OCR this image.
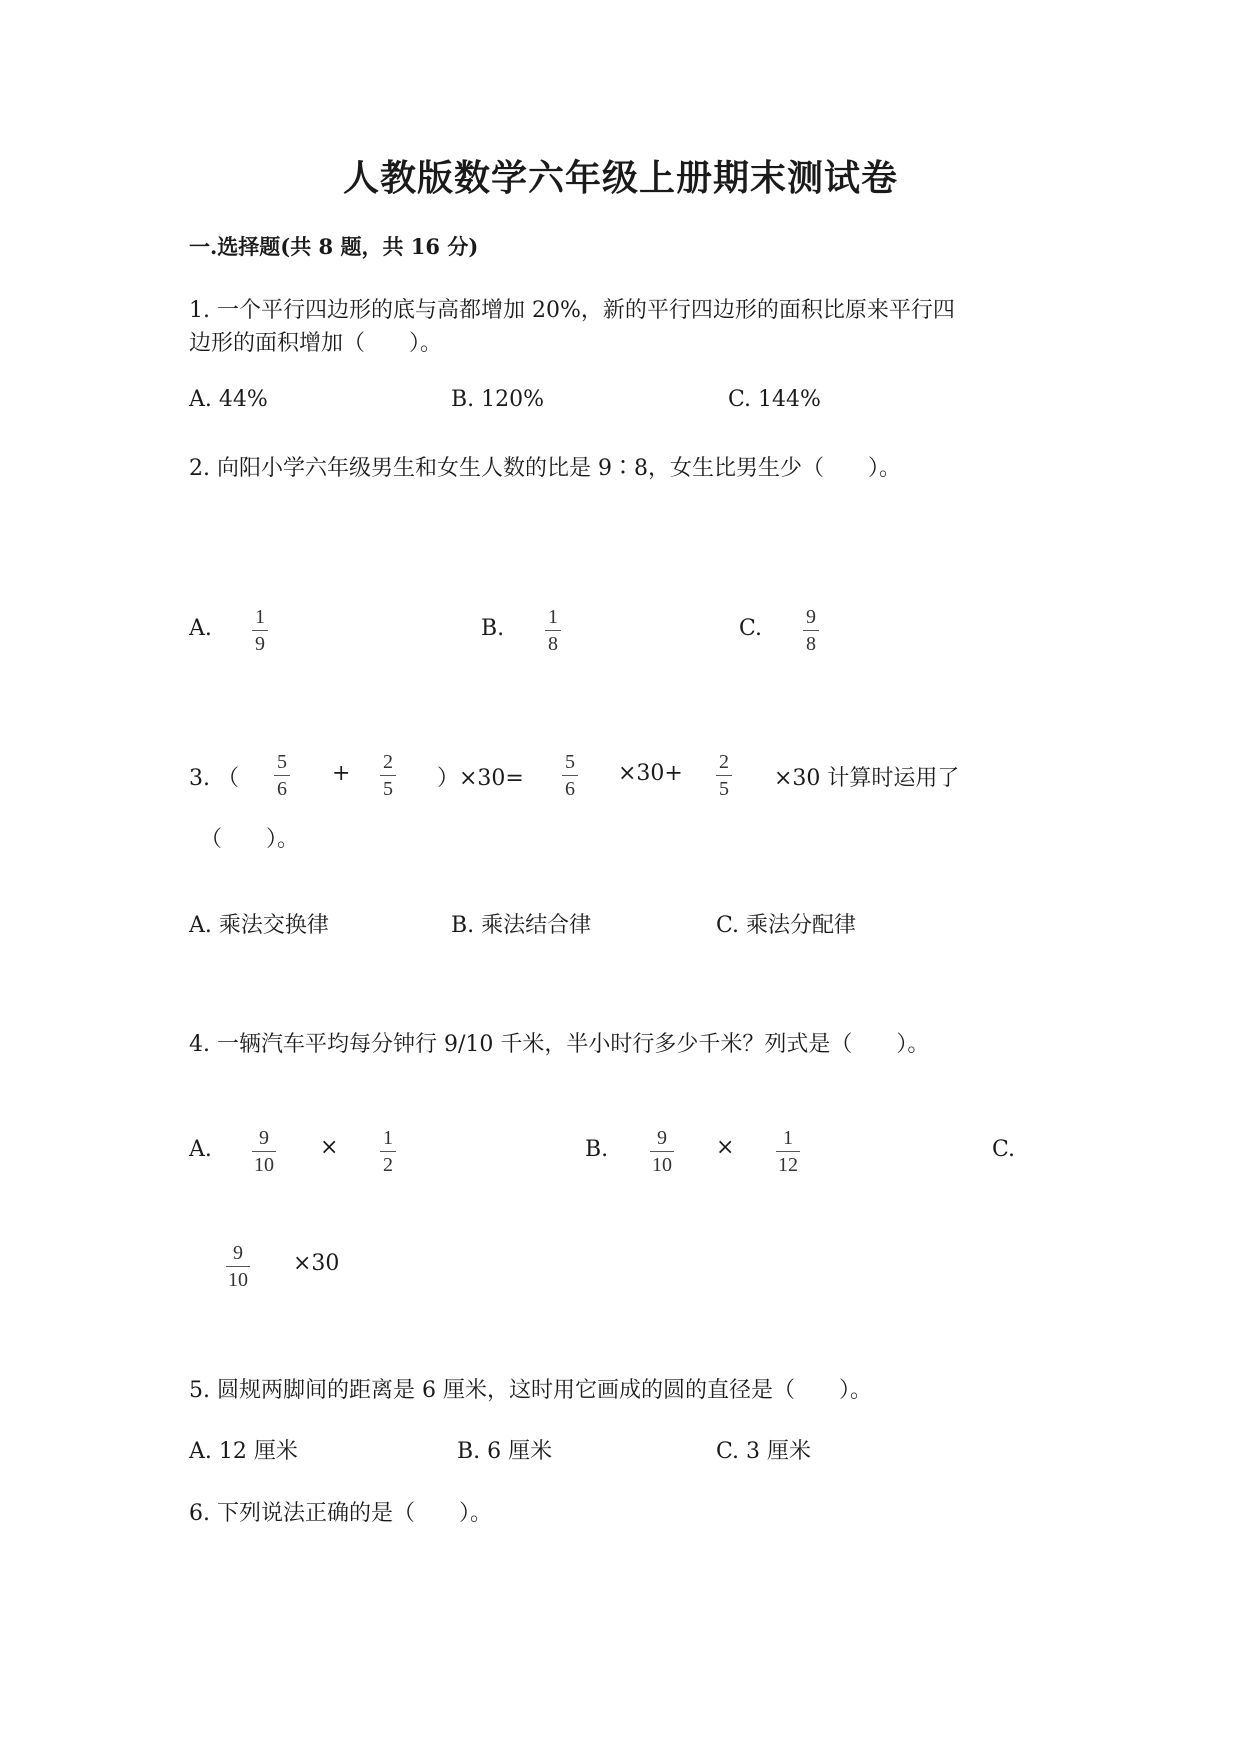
人教版数学六年级上册期末测试卷
一.选择题(共 8 题，共 16 分)
1. 一个平行四边形的底与高都增加 20%，新的平行四边形的面积比原来平行四
边形的面积增加（　　）。
A. 44%	B. 120%	C. 144%
2. 向阳小学六年级男生和女生人数的比是 9∶8，女生比男生少（　　）。
A. 1
9
B. 1
8
C. 9
8
3. （
5
6
+ 2
5 ）×30=
5
6
×30+ 2
5 ×30 计算时运用了
（　　）。
A. 乘法交换律	B. 乘法结合律	C. 乘法分配律
4. 一辆汽车平均每分钟行 9/10 千米，半小时行多少千米？列式是（　　）。
A. 9
10
× 1
2
B. 9
10
× 1
12
C.
9
10
×30
5. 圆规两脚间的距离是 6 厘米，这时用它画成的圆的直径是（　　）。
A. 12 厘米	B. 6 厘米	C. 3 厘米
6. 下列说法正确的是（　　）。
